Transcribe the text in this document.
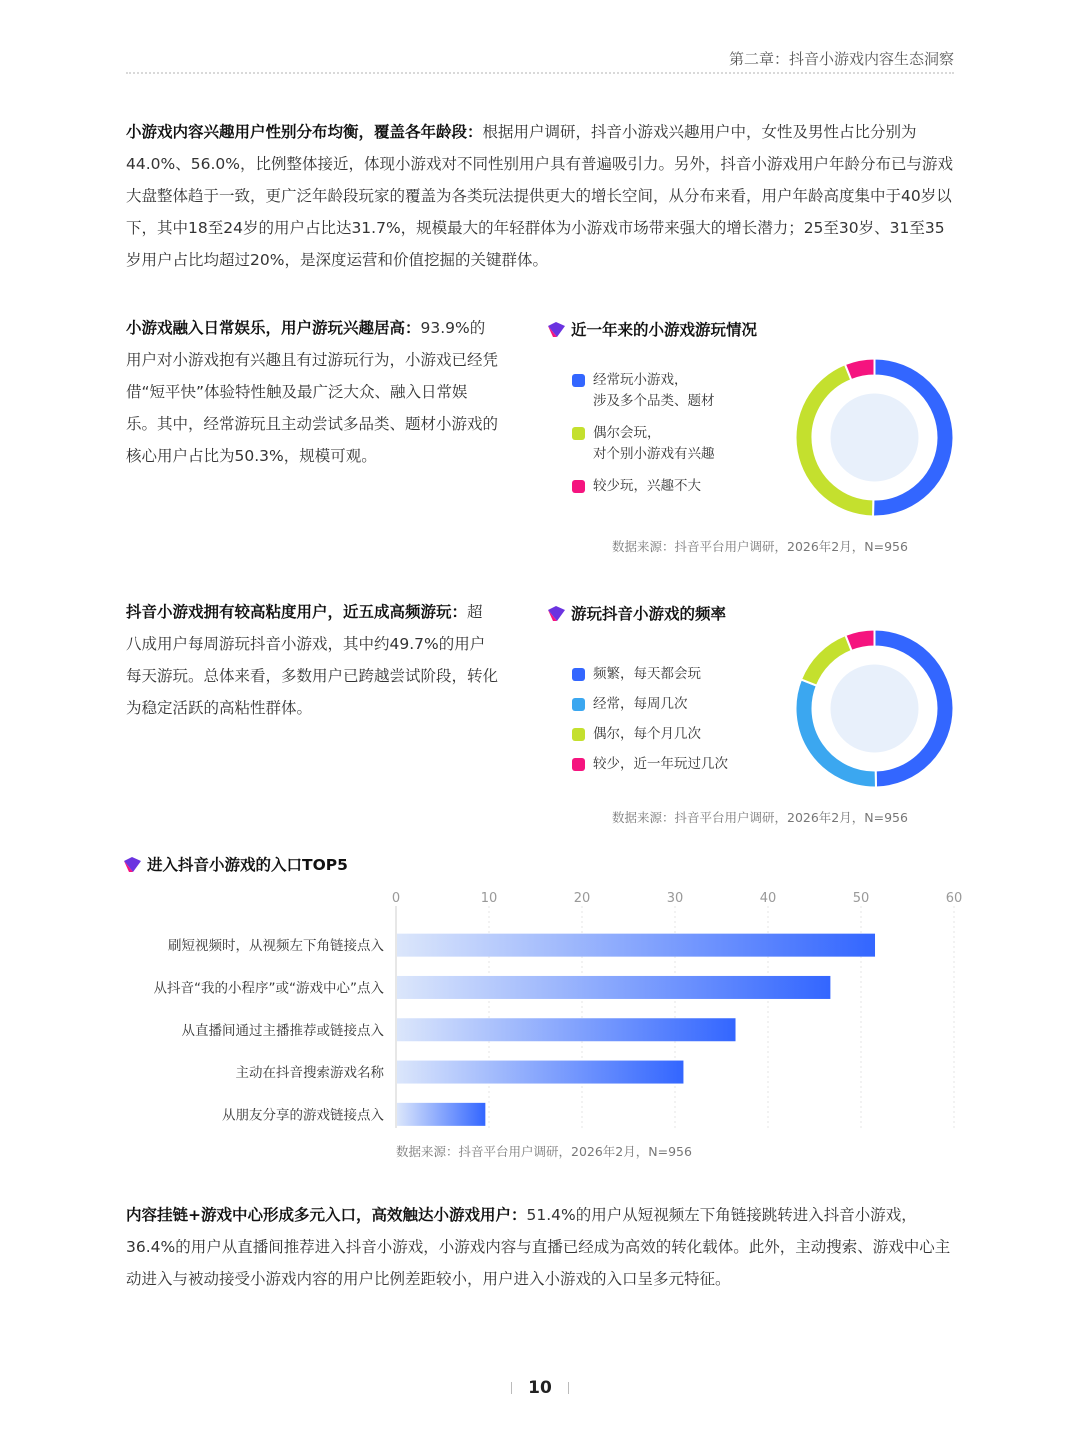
第二章：抖音小游戏内容生态洞察

小游戏内容兴趣用户性别分布均衡，覆盖各年龄段：根据用户调研，抖音小游戏兴趣用户中，女性及男性占比分别为44.0%、56.0%，比例整体接近，体现小游戏对不同性别用户具有普遍吸引力。另外，抖音小游戏用户年龄分布已与游戏大盘整体趋于一致，更广泛年龄段玩家的覆盖为各类玩法提供更大的增长空间，从分布来看，用户年龄高度集中于40岁以下，其中18至24岁的用户占比达31.7%，规模最大的年轻群体为小游戏市场带来强大的增长潜力；25至30岁、31至35岁用户占比均超过20%，是深度运营和价值挖掘的关键群体。

小游戏融入日常娱乐，用户游玩兴趣居高：93.9%的用户对小游戏抱有兴趣且有过游玩行为，小游戏已经凭借“短平快”体验特性触及最广泛大众、融入日常娱乐。其中，经常游玩且主动尝试多品类、题材小游戏的核心用户占比为50.3%，规模可观。

近一年来的小游戏游玩情况
经常玩小游戏，
涉及多个品类、题材
偶尔会玩，
对个别小游戏有兴趣
较少玩，兴趣不大
数据来源：抖音平台用户调研，2026年2月，N=956

抖音小游戏拥有较高粘度用户，近五成高频游玩：超八成用户每周游玩抖音小游戏，其中约49.7%的用户每天游玩。总体来看，多数用户已跨越尝试阶段，转化为稳定活跃的高粘性群体。

游玩抖音小游戏的频率
频繁，每天都会玩
经常，每周几次
偶尔，每个月几次
较少，近一年玩过几次
数据来源：抖音平台用户调研，2026年2月，N=956
进入抖音小游戏的入口TOP5
0	10	20	30	40	50	60
刷短视频时，从视频左下角链接点入
从抖音“我的小程序”或“游戏中心”点入
从直播间通过主播推荐或链接点入
主动在抖音搜索游戏名称
从朋友分享的游戏链接点入
数据来源：抖音平台用户调研，2026年2月，N=956

内容挂链+游戏中心形成多元入口，高效触达小游戏用户：51.4%的用户从短视频左下角链接跳转进入抖音小游戏，36.4%的用户从直播间推荐进入抖音小游戏，小游戏内容与直播已经成为高效的转化载体。此外，主动搜索、游戏中心主动进入与被动接受小游戏内容的用户比例差距较小，用户进入小游戏的入口呈多元特征。

10
